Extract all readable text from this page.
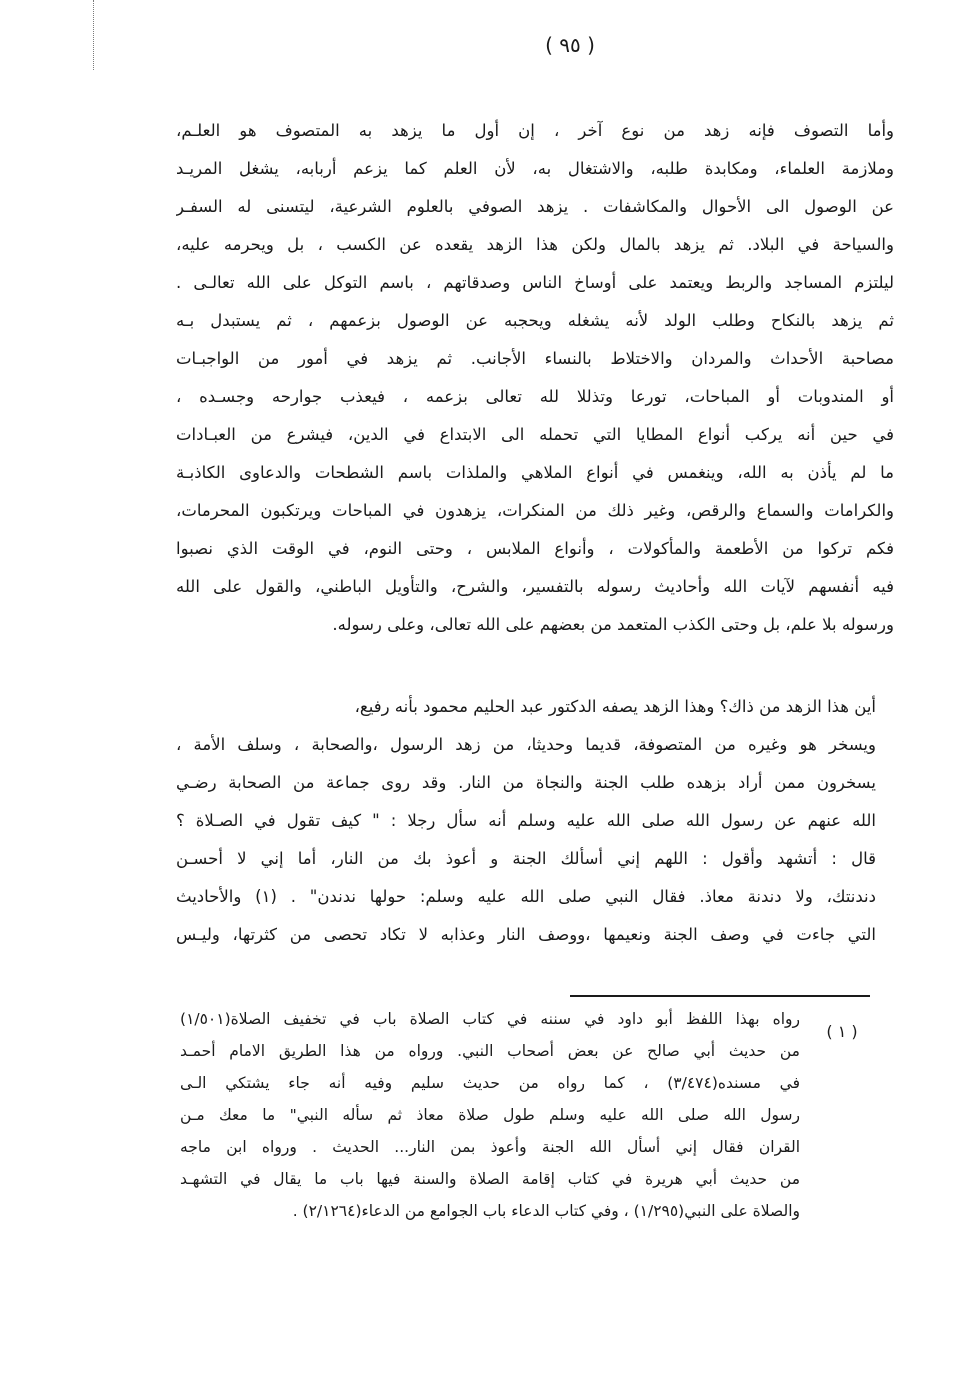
( ٩٥ )
وأما التصوف فإنه زهد من نوع آخر ، إن أول ما يزهد به المتصوف هو العلـم،
وملازمة العلماء، ومكابدة طلبه، والاشتغال به، لأن العلم كما يزعم أربابه، يشغل المريـد
عن الوصول الى الأحوال والمكاشفات . يزهد الصوفي بالعلوم الشرعية، ليتسنى له السفـر
والسياحة في البلاد. ثم يزهد بالمال ولكن هذا الزهد يقعده عن الكسب ، بل ويحرمه عليه،
ليلتزم المساجد والربط ويعتمد على أوساخ الناس وصدقاتهم ، باسم التوكل على الله تعالـى .
ثم يزهد بالنكاح وطلب الولد لأنه يشغله ويحجبه عن الوصول بزعمهم ، ثم يستبدل بـه
مصاحبة الأحداث والمردان والاختلاط بالنساء الأجانب. ثم يزهد في أمور من الواجبـات
أو المندوبات أو المباحات، تورعا وتذللا لله تعالى بزعمه ، فيعذب جوارحه وجسـده ،
في حين أنه يركب أنواع المطايا التي تحمله الى الابتداع في الدين، فيشرع من العبـادات
ما لم يأذن به الله، وينغمس في أنواع الملاهي والملذات باسم الشطحات والدعاوى الكاذبـة
والكرامات والسماع والرقص، وغير ذلك من المنكرات، يزهدون في المباحات ويرتكبون المحرمات،
فكم تركوا من الأطعمة والمأكولات ، وأنواع الملابس ، وحتى النوم، في الوقت الذي نصبوا
فيه أنفسهم لآيات الله وأحاديث رسوله بالتفسير، والشرح، والتأويل الباطني، والقول على الله
ورسوله بلا علم، بل وحتى الكذب المتعمد من بعضهم على الله تعالى، وعلى رسوله.
أين هذا الزهد من ذاك؟ وهذا الزهد يصفه الدكتور عبد الحليم محمود بأنه رفيع،
ويسخر هو وغيره من المتصوفة، قديما وحديثا، من زهد الرسول ،والصحابة ، وسلف الأمة ،
يسخرون ممن أراد بزهده طلب الجنة والنجاة من النار. وقد روى جماعة من الصحابة رضـي
الله عنهم عن رسول الله صلى الله عليه وسلم أنه سأل رجلا : " كيف تقول في الصـلاة ؟
قال : أتشهد وأقول : اللهم إني أسألك الجنة و أعوذ بك من النار، أما إني لا أحسـن
دندنتك، ولا دندنة معاذ. فقال النبي صلى الله عليه وسلم: حولها ندندن" . (١) والأحاديث
التي جاءت في وصف الجنة ونعيمها ،ووصف النار وعذابه لا تكاد تحصى من كثرتها، وليـس
( ١ )
رواه بهذا اللفظ أبو داود في سننه في كتاب الصلاة باب في تخفيف الصلاة(١/٥٠١)
من حديث أبي صالح عن بعض أصحاب النبي. ورواه من هذا الطريق الامام أحمـد
في مسنده(٣/٤٧٤) ، كما رواه من حديث سليم وفيه أنه جاء يشتكي الـى
رسول الله صلى الله عليه وسلم طول صلاة معاذ ثم سأله النبي" ما معك مـن
القران فقال إني أسأل الله الجنة وأعوذ بمن النار... الحديث . ورواه ابن ماجه
من حديث أبي هريرة في كتاب إقامة الصلاة والسنة فيها باب ما يقال في التشهـد
والصلاة على النبي(١/٢٩٥) ، وفي كتاب الدعاء باب الجوامع من الدعاء(٢/١٢٦٤) .
